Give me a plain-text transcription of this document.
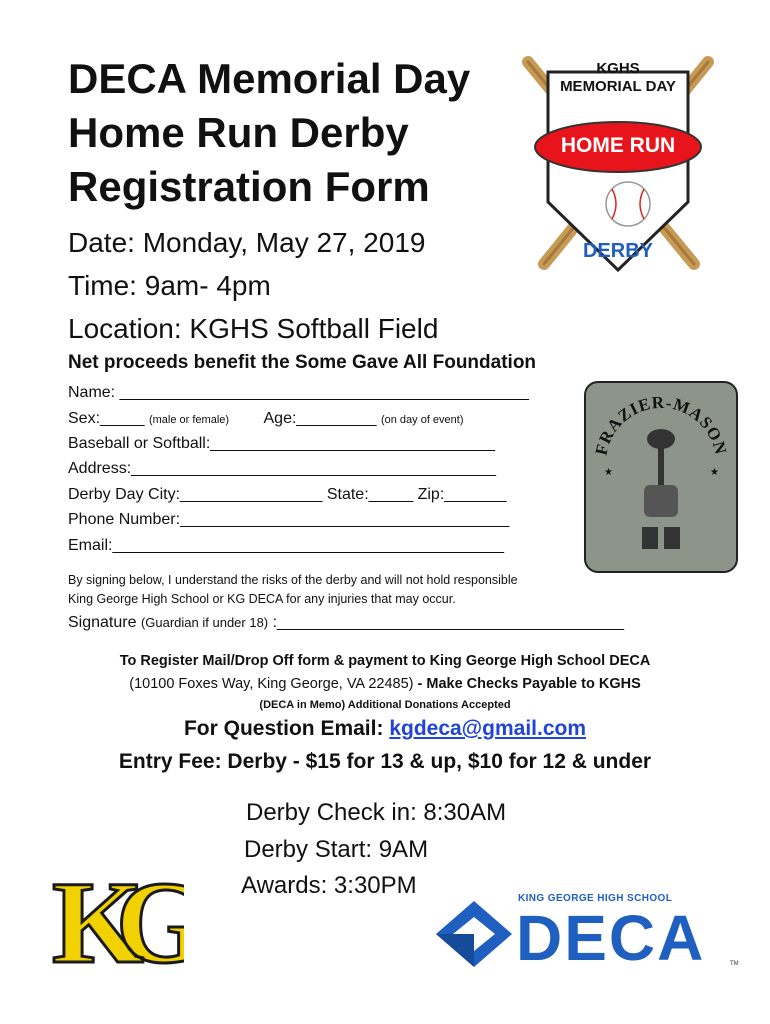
DECA Memorial Day
Home Run Derby
Registration Form
Date: Monday, May 27, 2019
Time: 9am- 4pm
Location: KGHS Softball Field
KGHS
MEMORIAL DAY
HOME RUN
DERBY
Net proceeds benefit the Some Gave All Foundation
Name: ______________________________________________
Sex:_____ (male or female) Age:_________ (on day of event)
Baseball or Softball:________________________________
Address:_________________________________________
Derby Day City:________________ State:_____ Zip:_______
Phone Number:_____________________________________
Email:____________________________________________
FRAZIER-MASON
★	★
By signing below, I understand the risks of the derby and will not hold responsible
King George High School or KG DECA for any injuries that may occur.
Signature (Guardian if under 18) :_______________________________________
To Register Mail/Drop Off form & payment to King George High School DECA
(10100 Foxes Way, King George, VA 22485) - Make Checks Payable to KGHS
(DECA in Memo) Additional Donations Accepted
For Question Email: kgdeca@gmail.com
Entry Fee: Derby - $15 for 13 & up, $10 for 12 & under
Derby Check in: 8:30AM
Derby Start: 9AM
Awards: 3:30PM
KG	KING GEORGE HIGH SCHOOL
DECA	TM
